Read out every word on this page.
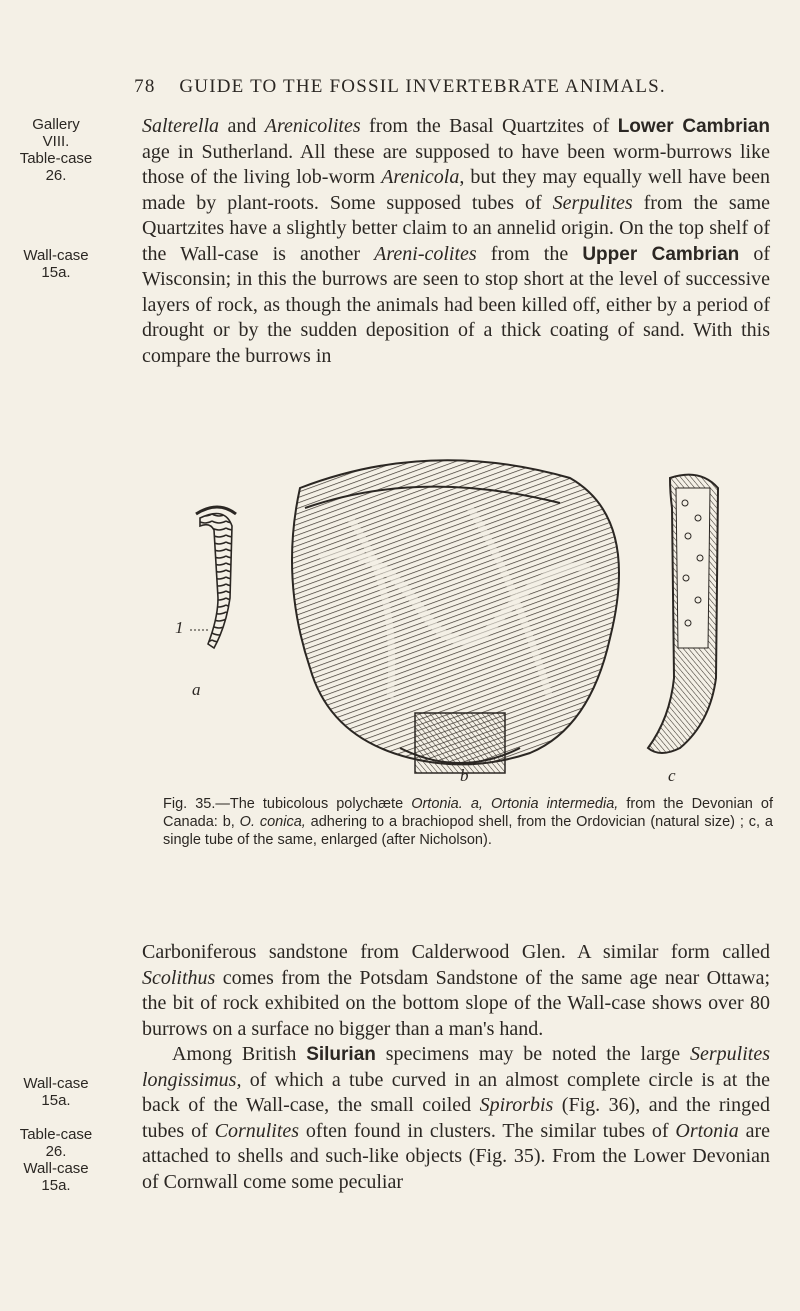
78 GUIDE TO THE FOSSIL INVERTEBRATE ANIMALS.
Gallery
VIII.
Table-case
26.
Wall-case
15a.
Wall-case
15a.
Table-case
26.
Wall-case
15a.

Salterella and Arenicolites from the Basal Quartzites of Lower Cambrian age in Sutherland. All these are supposed to have been worm-burrows like those of the living lob-worm Arenicola, but they may equally well have been made by plant-roots. Some supposed tubes of Serpulites from the same Quartzites have a slightly better claim to an annelid origin. On the top shelf of the Wall-case is another Areni-colites from the Upper Cambrian of Wisconsin; in this the burrows are seen to stop short at the level of successive layers of rock, as though the animals had been killed off, either by a period of drought or by the sudden deposition of a thick coating of sand. With this compare the burrows in

1
a
b	c
Fig. 35.—The tubicolous polychæte Ortonia. a, Ortonia intermedia, from the Devonian of Canada: b, O. conica, adhering to a brachiopod shell, from the Ordovician (natural size) ; c, a single tube of the same, enlarged (after Nicholson).

Carboniferous sandstone from Calderwood Glen. A similar form called Scolithus comes from the Potsdam Sandstone of the same age near Ottawa; the bit of rock exhibited on the bottom slope of the Wall-case shows over 80 burrows on a surface no bigger than a man's hand.

Among British Silurian specimens may be noted the large Serpulites longissimus, of which a tube curved in an almost complete circle is at the back of the Wall-case, the small coiled Spirorbis (Fig. 36), and the ringed tubes of Cornulites often found in clusters. The similar tubes of Ortonia are attached to shells and such-like objects (Fig. 35). From the Lower Devonian of Cornwall come some peculiar
